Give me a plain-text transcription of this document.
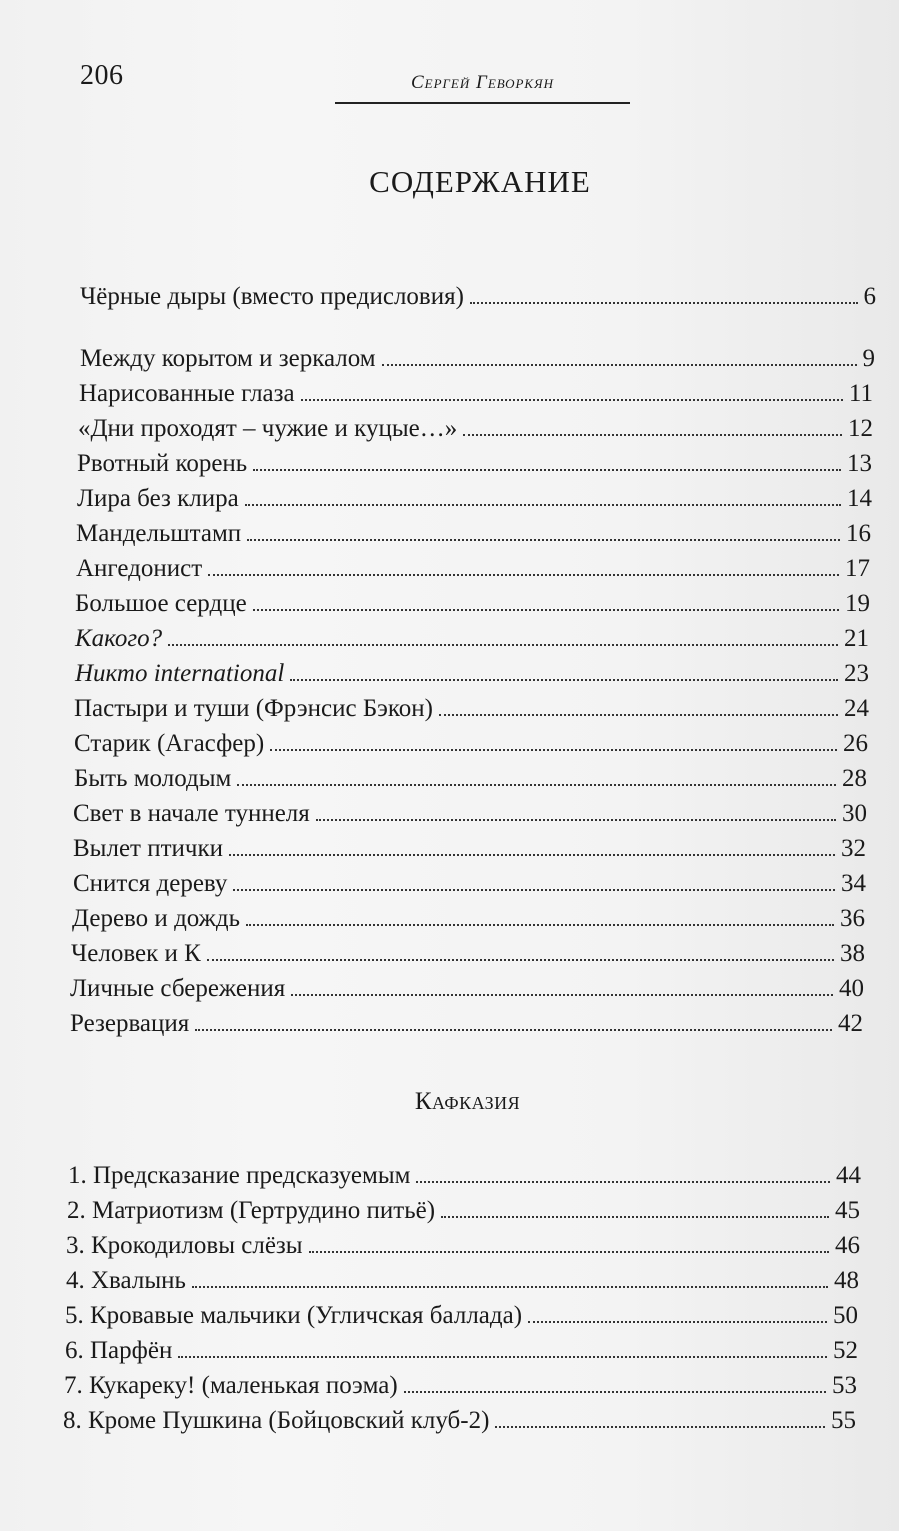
206	Сергей Геворкян
СОДЕРЖАНИЕ
Чёрные дыры (вместо предисловия)	6
Между корытом и зеркалом	9
Нарисованные глаза	11
«Дни проходят – чужие и куцые…»	12
Рвотный корень	13
Лира без клира	14
Мандельштамп	16
Ангедонист	17
Большое сердце	19
Какого?	21
Никто international	23
Пастыри и туши (Фрэнсис Бэкон)	24
Старик (Агасфер)	26
Быть молодым	28
Свет в начале туннеля	30
Вылет птички	32
Снится дереву	34
Дерево и дождь	36
Человек и К	38
Личные сбережения	40
Резервация	42
Кафказия
1. Предсказание предсказуемым	44
2. Матриотизм (Гертрудино питьё)	45
3. Крокодиловы слёзы	46
4. Хвалынь	48
5. Кровавые мальчики (Угличская баллада)	50
6. Парфён	52
7. Кукареку! (маленькая поэма)	53
8. Кроме Пушкина (Бойцовский клуб-2)	55
